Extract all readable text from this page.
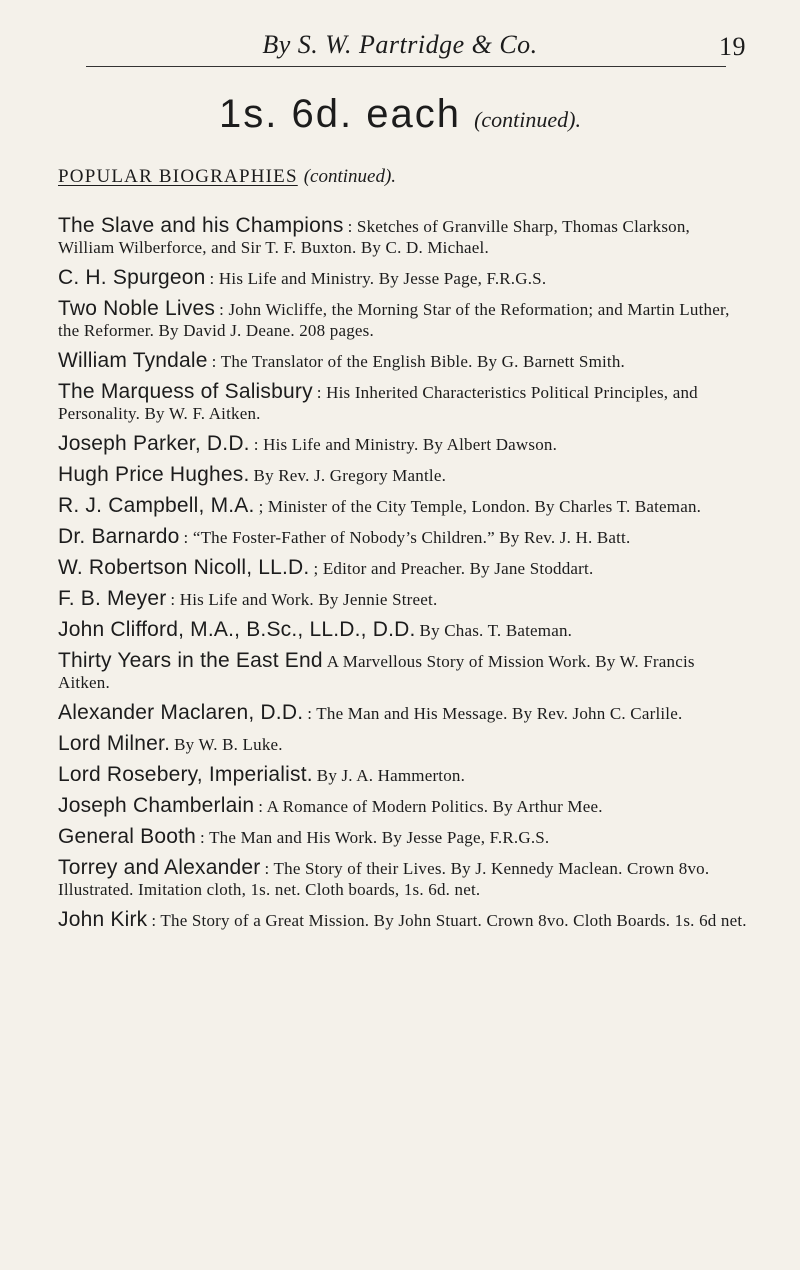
By S. W. Partridge & Co.	19
1s. 6d. each (continued).
POPULAR BIOGRAPHIES (continued).
The Slave and his Champions : Sketches of Granville Sharp, Thomas Clarkson, William Wilberforce, and Sir T. F. Buxton. By C. D. Michael.
C. H. Spurgeon : His Life and Ministry. By Jesse Page, F.R.G.S.
Two Noble Lives : John Wicliffe, the Morning Star of the Reformation; and Martin Luther, the Reformer. By David J. Deane. 208 pages.
William Tyndale : The Translator of the English Bible. By G. Barnett Smith.
The Marquess of Salisbury : His Inherited Characteristics Political Principles, and Personality. By W. F. Aitken.
Joseph Parker, D.D. : His Life and Ministry. By Albert Dawson.
Hugh Price Hughes. By Rev. J. Gregory Mantle.
R. J. Campbell, M.A. ; Minister of the City Temple, London. By Charles T. Bateman.
Dr. Barnardo : “The Foster-Father of Nobody’s Children.” By Rev. J. H. Batt.
W. Robertson Nicoll, LL.D. ; Editor and Preacher. By Jane Stoddart.
F. B. Meyer : His Life and Work. By Jennie Street.
John Clifford, M.A., B.Sc., LL.D., D.D. By Chas. T. Bateman.
Thirty Years in the East End A Marvellous Story of Mission Work. By W. Francis Aitken.
Alexander Maclaren, D.D. : The Man and His Message. By Rev. John C. Carlile.
Lord Milner. By W. B. Luke.
Lord Rosebery, Imperialist. By J. A. Hammerton.
Joseph Chamberlain : A Romance of Modern Politics. By Arthur Mee.
General Booth : The Man and His Work. By Jesse Page, F.R.G.S.
Torrey and Alexander : The Story of their Lives. By J. Kennedy Maclean. Crown 8vo. Illustrated. Imitation cloth, 1s. net. Cloth boards, 1s. 6d. net.
John Kirk : The Story of a Great Mission. By John Stuart. Crown 8vo. Cloth Boards. 1s. 6d net.
